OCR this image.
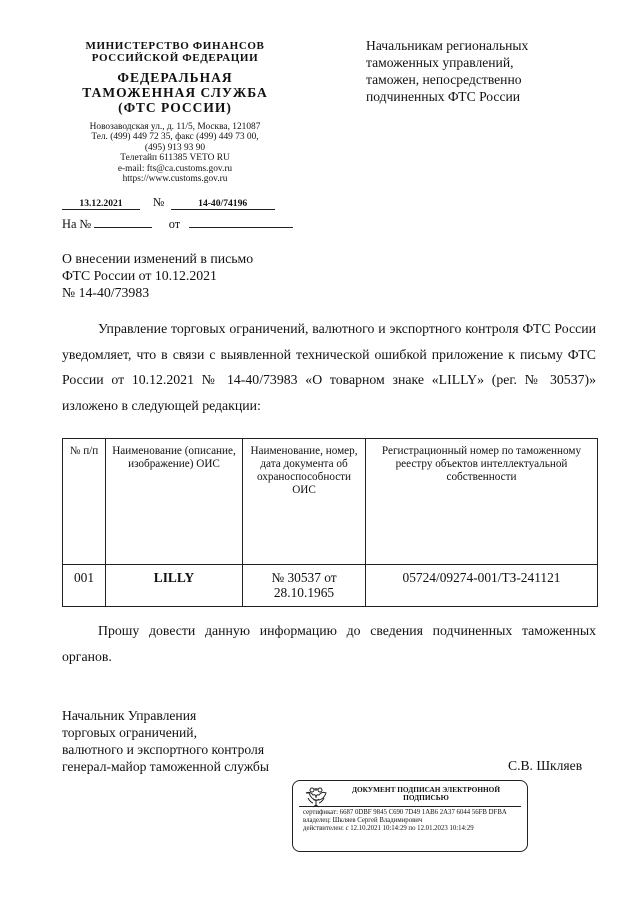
МИНИСТЕРСТВО ФИНАНСОВ
РОССИЙСКОЙ ФЕДЕРАЦИИ
ФЕДЕРАЛЬНАЯ
ТАМОЖЕННАЯ СЛУЖБА
(ФТС РОССИИ)
Новозаводская ул., д. 11/5, Москва, 121087
Тел. (499) 449 72 35, факс (499) 449 73 00,
(495) 913 93 90
Телетайп 611385 VETO RU
e-mail: fts@ca.customs.gov.ru
https://www.customs.gov.ru
13.12.2021	№	14-40/74196
На №	от
Начальникам региональных
таможенных управлений,
таможен, непосредственно
подчиненных ФТС России
О внесении изменений в письмо
ФТС России от 10.12.2021
№ 14-40/73983
Управление торговых ограничений, валютного и экспортного контроля ФТС России уведомляет, что в связи с выявленной технической ошибкой приложение к письму ФТС России от 10.12.2021 № 14-40/73983 «О товарном знаке «LILLY» (рег. № 30537)» изложено в следующей редакции:
№ п/п	Наименование (описание, изображение) ОИС	Наименование, номер, дата документа об охраноспособности ОИС	Регистрационный номер по таможенному реестру объектов интеллектуальной собственности
001	LILLY	№ 30537 от 28.10.1965	05724/09274-001/ТЗ-241121
Прошу довести данную информацию до сведения подчиненных таможенных органов.
Начальник Управления
торговых ограничений,
валютного и экспортного контроля
генерал-майор таможенной службы	С.В. Шкляев
ДОКУМЕНТ ПОДПИСАН ЭЛЕКТРОННОЙ ПОДПИСЬЮ
сертификат: 6687 0DBF 9845 C690 7D49 1AB6 2A37 6044 56FB DFBA
владелец: Шкляев Сергей Владимирович
действителен: с 12.10.2021 10:14:29 по 12.01.2023 10:14:29
